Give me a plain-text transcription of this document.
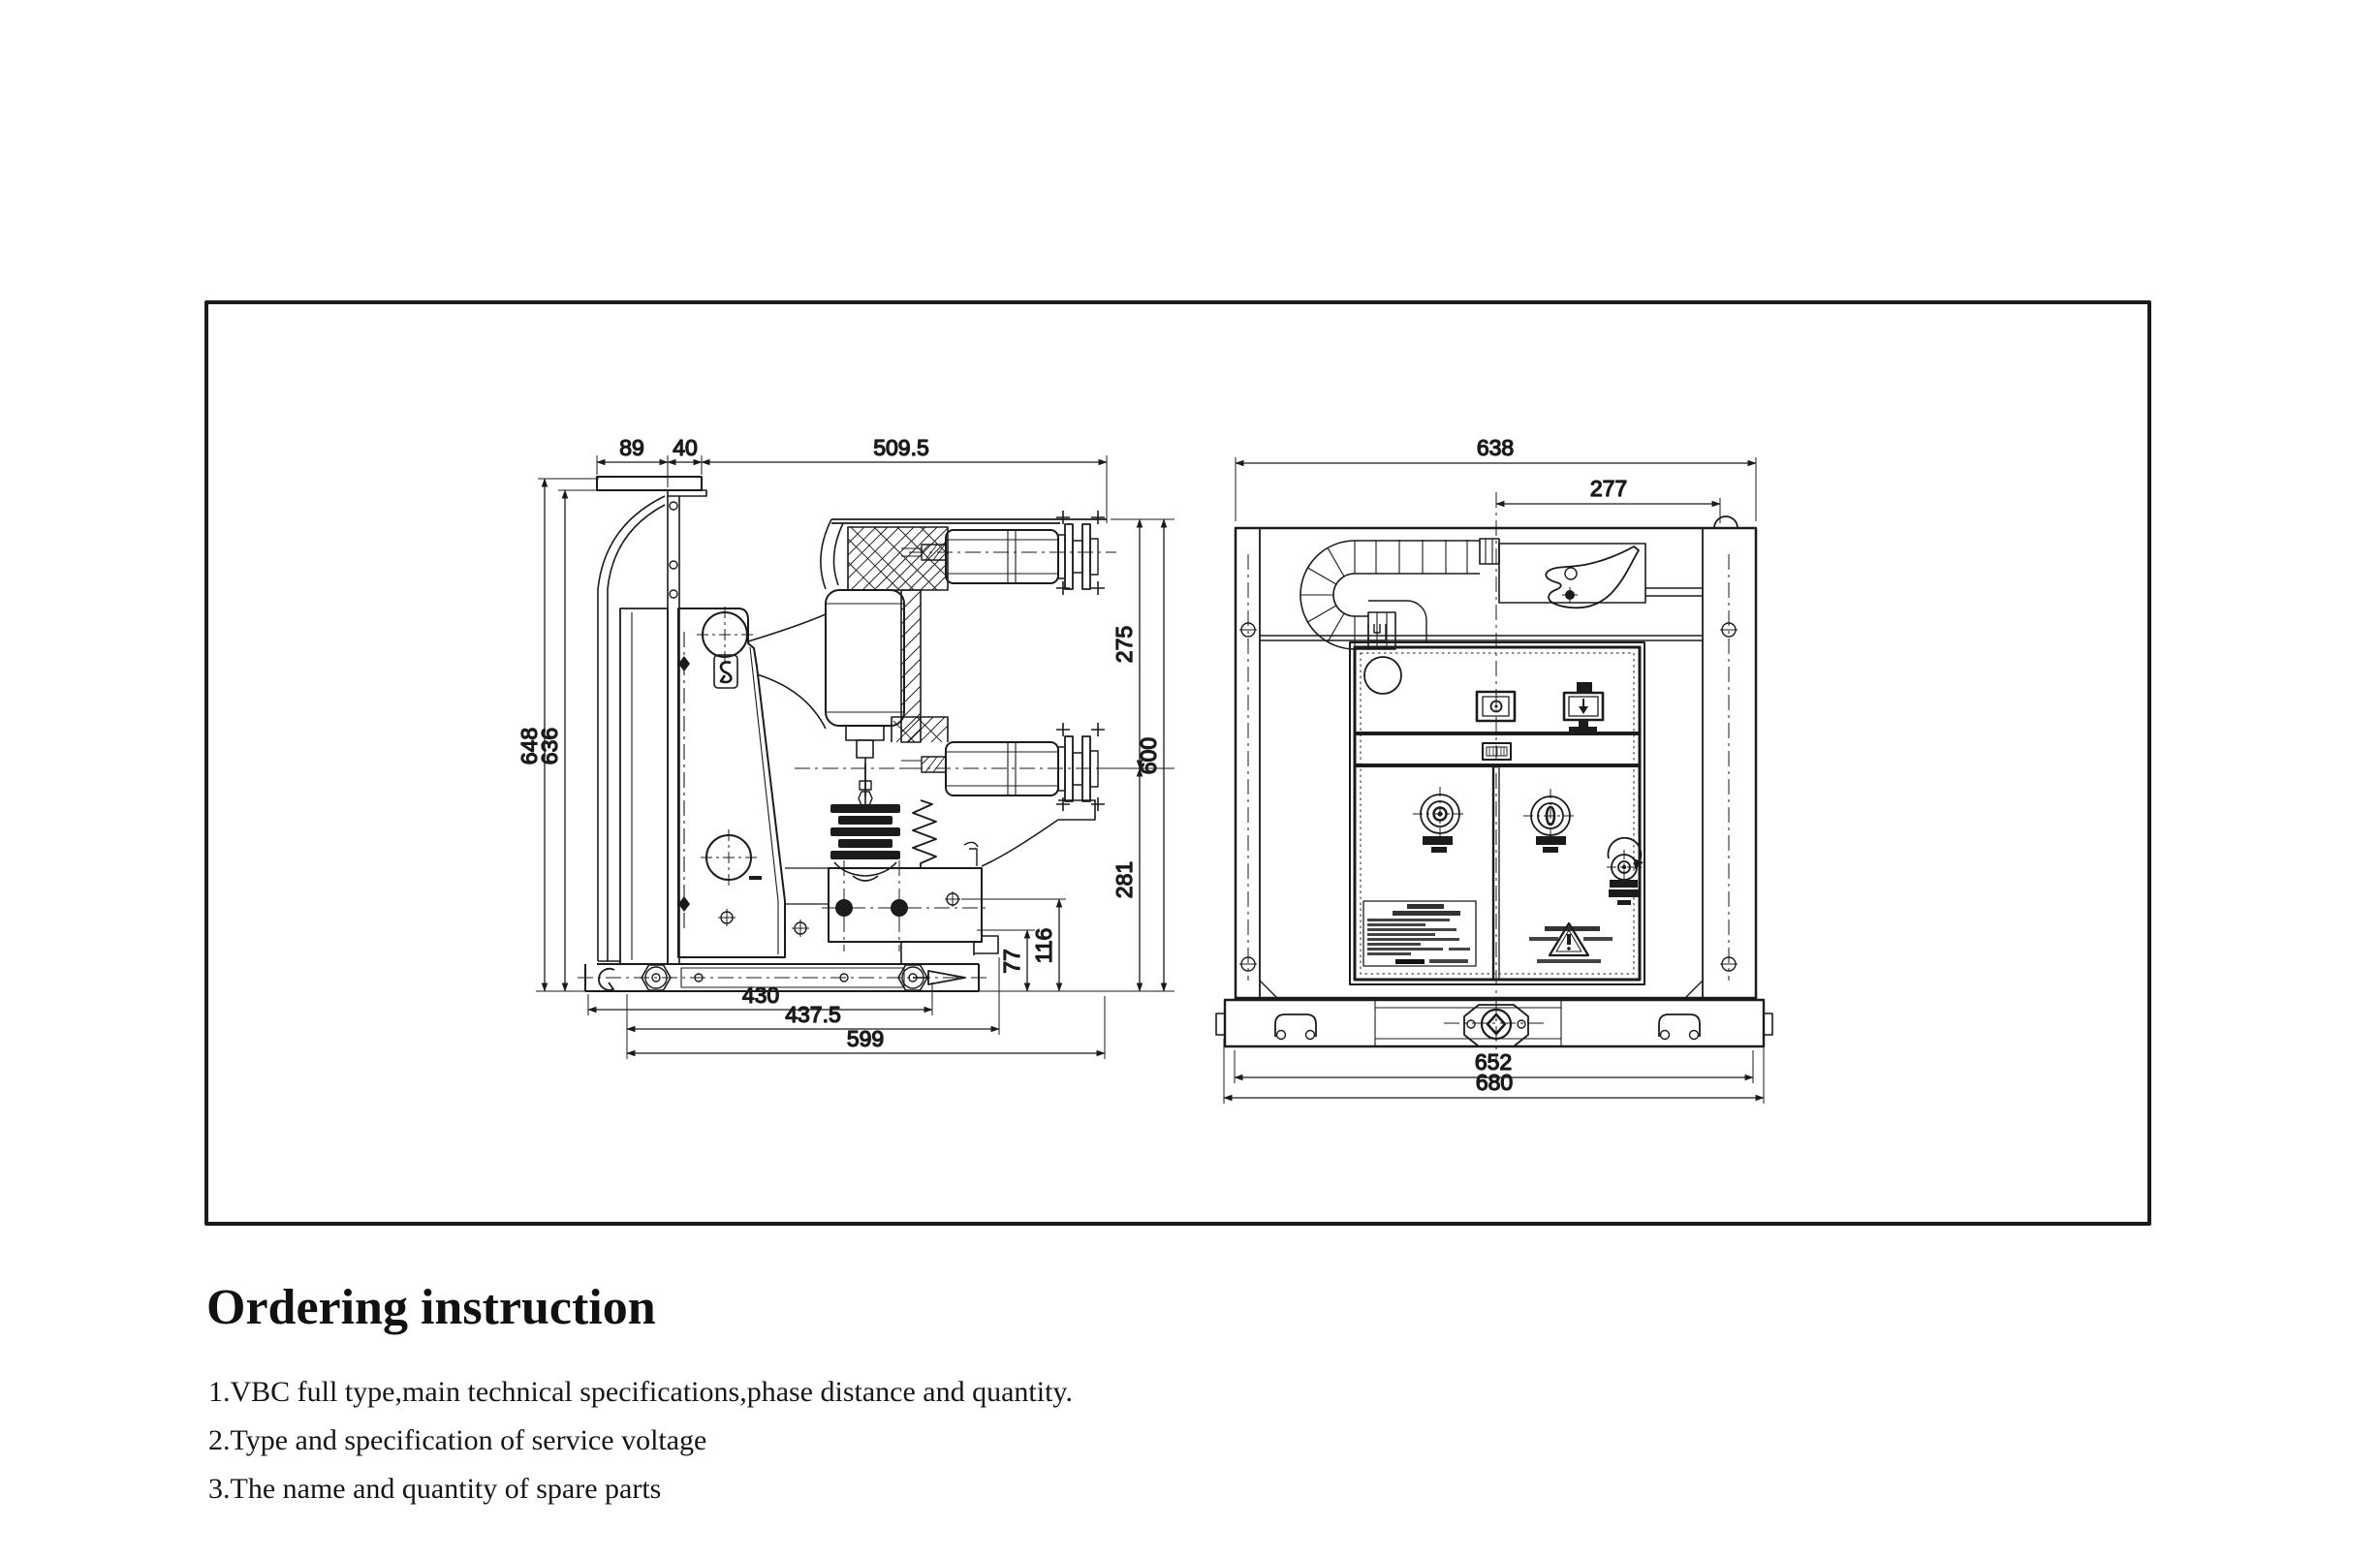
89 40	509.5
648
636
275
600
281
116
77
430
437.5
599
638
277
652
680
Ordering instruction
1.VBC full type,main technical specifications,phase distance and quantity.
2.Type and specification of service voltage
3.The name and quantity of spare parts
